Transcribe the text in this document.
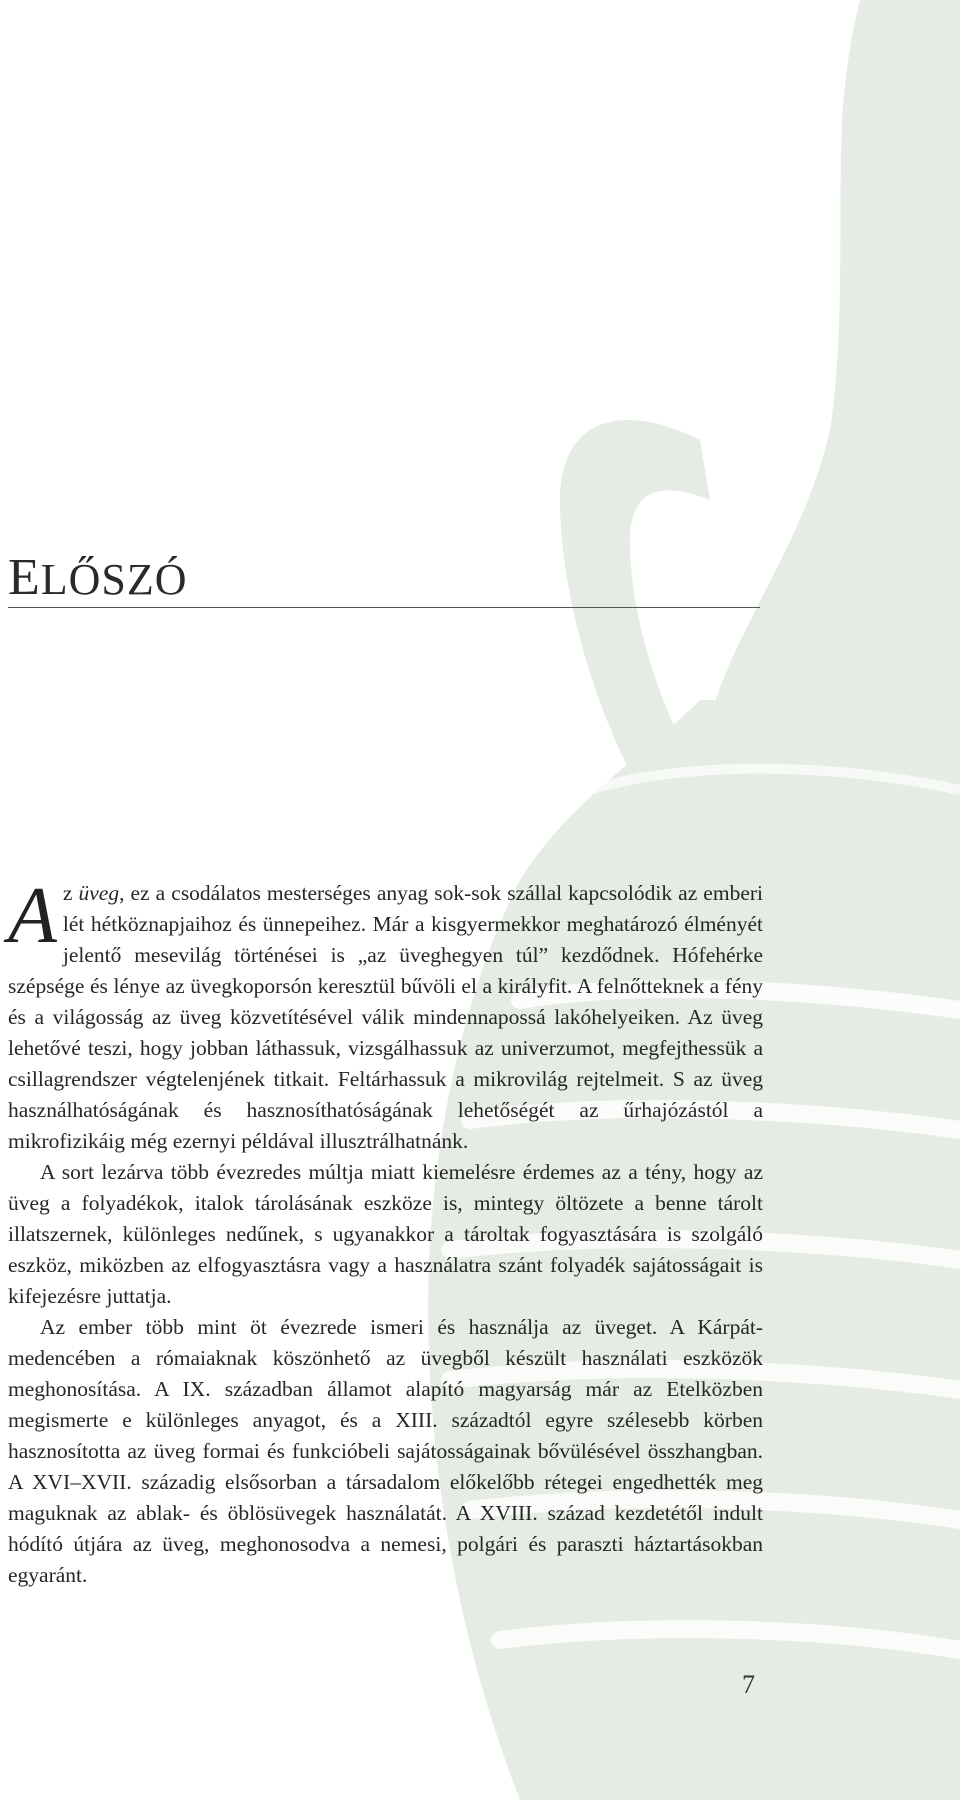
ELŐSZÓ

Az üveg, ez a csodálatos mesterséges anyag sok-sok szállal kapcsolódik az emberi lét hétköznapjaihoz és ünnepeihez. Már a kisgyermekkor meghatározó élményét jelentő mesevilág történései is „az üveghegyen túl” kezdődnek. Hófehérke szépsége és lénye az üvegkoporsón keresztül bűvöli el a királyfit. A felnőtteknek a fény és a világosság az üveg közvetítésével válik mindennapossá lakóhelyeiken. Az üveg lehetővé teszi, hogy jobban láthassuk, vizsgálhassuk az univerzumot, megfejthessük a csillagrendszer végtelenjének titkait. Feltárhassuk a mikrovilág rejtelmeit. S az üveg használhatóságának és hasznosíthatóságának lehetőségét az űrhajózástól a mikrofizikáig még ezernyi példával illusztrálhatnánk.

A sort lezárva több évezredes múltja miatt kiemelésre érdemes az a tény, hogy az üveg a folyadékok, italok tárolásának eszköze is, mintegy öltözete a benne tárolt illatszernek, különleges nedűnek, s ugyanakkor a tároltak fogyasztására is szolgáló eszköz, miközben az elfogyasztásra vagy a használatra szánt folyadék sajátosságait is kifejezésre juttatja.

Az ember több mint öt évezrede ismeri és használja az üveget. A Kárpát-medencében a rómaiaknak köszönhető az üvegből készült használati eszközök meghonosítása. A IX. században államot alapító magyarság már az Etelközben megismerte e különleges anyagot, és a XIII. századtól egyre szélesebb körben hasznosította az üveg formai és funkcióbeli sajátosságainak bővülésével összhangban. A XVI–XVII. századig elsősorban a társadalom előkelőbb rétegei engedhették meg maguknak az ablak- és öblösüvegek használatát. A XVIII. század kezdetétől indult hódító útjára az üveg, meghonosodva a nemesi, polgári és paraszti háztartásokban egyaránt.

7
